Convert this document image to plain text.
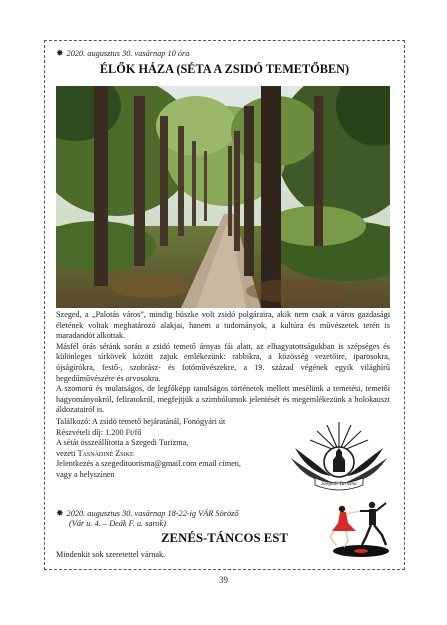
✸ 2020. augusztus 30. vasárnap 10 óra
ÉLŐK HÁZA (SÉTA A ZSIDÓ TEMETŐBEN)

Szeged, a „Palotás város”, mindig büszke volt zsidó polgáraira, akik nem csak a város gazdasági életének voltak meghatározó alakjai, hanem a tudományok, a kultúra és művészetek terén is maradandót alkottak.

Másfél órás sétánk során a zsidó temető árnyas fái alatt, az elhagyatottságukban is szépséges és különleges sírkövek között zajuk emlékezünk: rabbikra, a közösség vezetőire, iparosokra, újságírókra, festő-, szobrász- és fotóművészekre, a 19. század végének egyik világhírű hegedűművészére és orvosokra.

A szomorú és mulatságos, de legfőképp tanulságos történetek mellett mesélünk a temetési, temetői hagyományokról, feliratokról, megfejtjük a szimbólumok jelentését és megemlékezünk a holokauszt áldozatairól is.

Találkozó: A zsidó temető bejáratánál, Fonógyári út
Részvételi díj: 1.200 Ft/fő
A sétát összeállította a Szegedi Turizma,
vezeti Tasnádiné Zsike
Jelentkezés a szegedituorisma@gmail.com email címen,
vagy a helyszínen
Szegedi Turizma
✸ 2020. augusztus 30. vasárnap 18-22-ig VÁR Söröző
(Vár u. 4. – Deák F. u. sarok)
ZENÉS-TÁNCOS EST
Mindenkit sok szeretettel várnak.
39
